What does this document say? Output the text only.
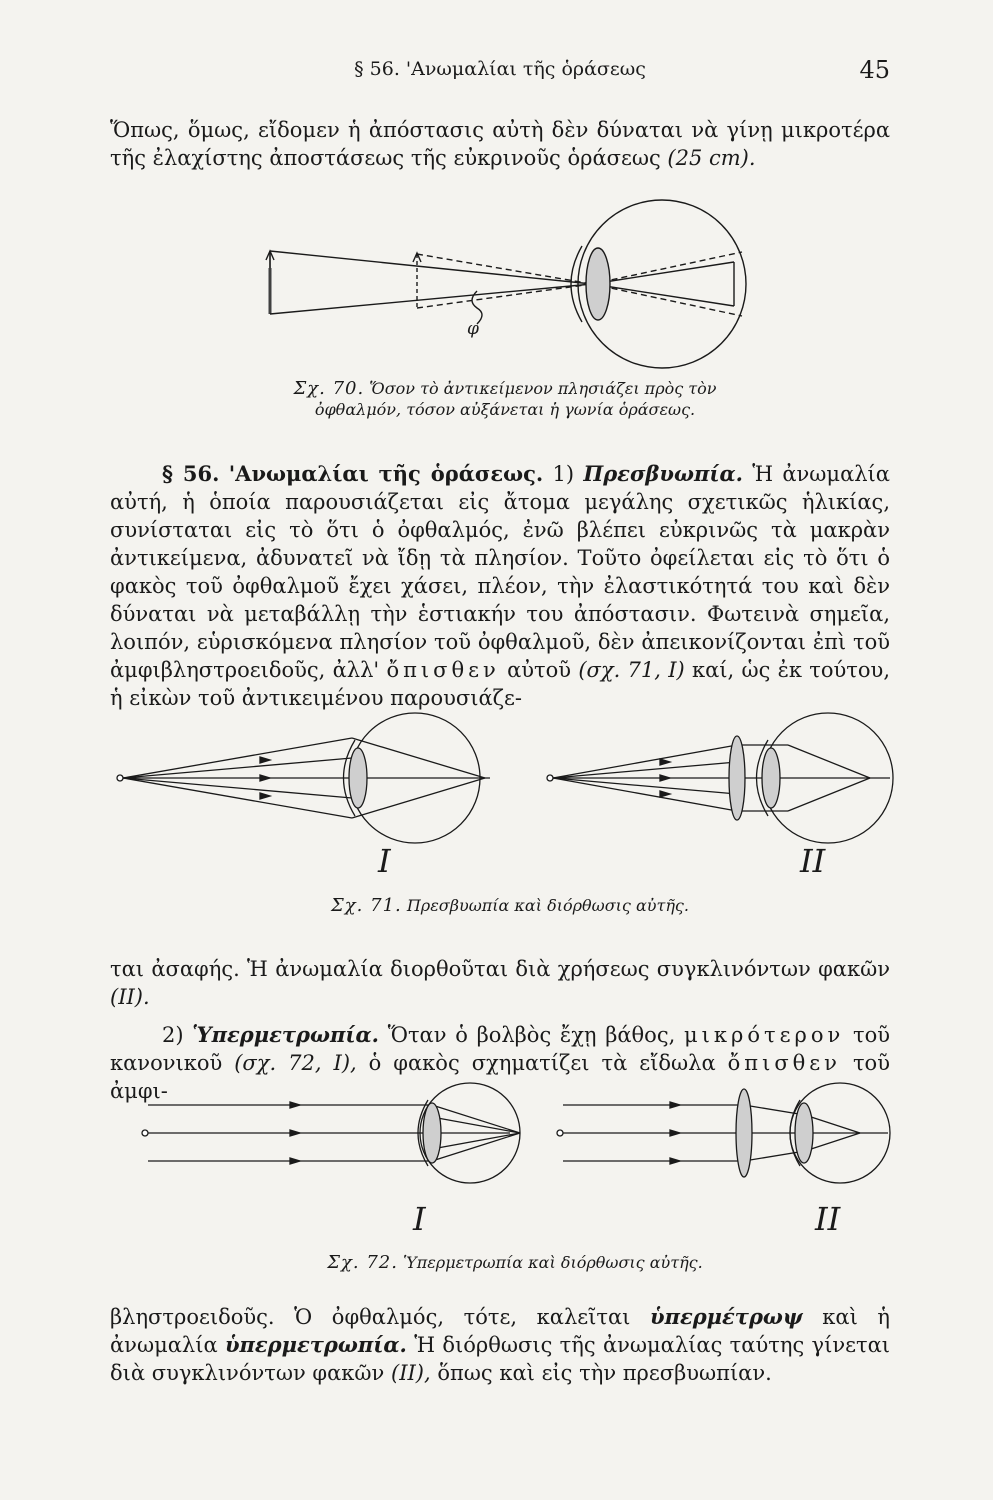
§ 56. 'Ανωμαλίαι τῆς ὁράσεως	45

Ὅπως, ὅμως, εἴδομεν ἡ ἀπόστασις αὐτὴ δὲν δύναται νὰ γίνῃ μικροτέρα τῆς ἐλαχίστης ἀποστάσεως τῆς εὐκρινοῦς ὁράσεως (25 cm).

φ
Σχ. 70. Ὅσον τὸ ἀντικείμενον πλησιάζει πρὸς τὸν
ὀφθαλμόν, τόσον αὐξάνεται ἡ γωνία ὁράσεως.

§ 56. 'Ανωμαλίαι τῆς ὁράσεως. 1) Πρεσβυωπία. Ἡ ἀνωμαλία αὐτή, ἡ ὁποία παρουσιάζεται εἰς ἄτομα μεγάλης σχετικῶς ἡλικίας, συνίσταται εἰς τὸ ὅτι ὁ ὀφθαλμός, ἐνῶ βλέπει εὐκρινῶς τὰ μακρὰν ἀντικείμενα, ἀδυνατεῖ νὰ ἴδῃ τὰ πλησίον. Τοῦτο ὀφείλεται εἰς τὸ ὅτι ὁ φακὸς τοῦ ὀφθαλμοῦ ἔχει χάσει, πλέον, τὴν ἐλαστικότητά του καὶ δὲν δύναται νὰ μεταβάλλῃ τὴν ἑστιακήν του ἀπόστασιν. Φωτεινὰ σημεῖα, λοιπόν, εὑρισκόμενα πλησίον τοῦ ὀφθαλμοῦ, δὲν ἀπεικονίζονται ἐπὶ τοῦ ἀμφιβληστροειδοῦς, ἀλλ' ὄπισθεν αὐτοῦ (σχ. 71, I) καί, ὡς ἐκ τούτου, ἡ εἰκὼν τοῦ ἀντικειμένου παρουσιάζε-

I	II
Σχ. 71. Πρεσβυωπία καὶ διόρθωσις αὐτῆς.

ται ἀσαφής. Ἡ ἀνωμαλία διορθοῦται διὰ χρήσεως συγκλινόντων φακῶν (II).

2) Ὑπερμετρωπία. Ὅταν ὁ βολβὸς ἔχῃ βάθος, μικρότερον τοῦ κανονικοῦ (σχ. 72, I), ὁ φακὸς σχηματίζει τὰ εἴδωλα ὄπισθεν τοῦ ἀμφι-

I	II
Σχ. 72. Ὑπερμετρωπία καὶ διόρθωσις αὐτῆς.

βληστροειδοῦς. Ὁ ὀφθαλμός, τότε, καλεῖται ὑπερμέτρωψ καὶ ἡ ἀνωμαλία ὑπερμετρωπία. Ἡ διόρθωσις τῆς ἀνωμαλίας ταύτης γίνεται διὰ συγκλινόντων φακῶν (II), ὅπως καὶ εἰς τὴν πρεσβυωπίαν.
